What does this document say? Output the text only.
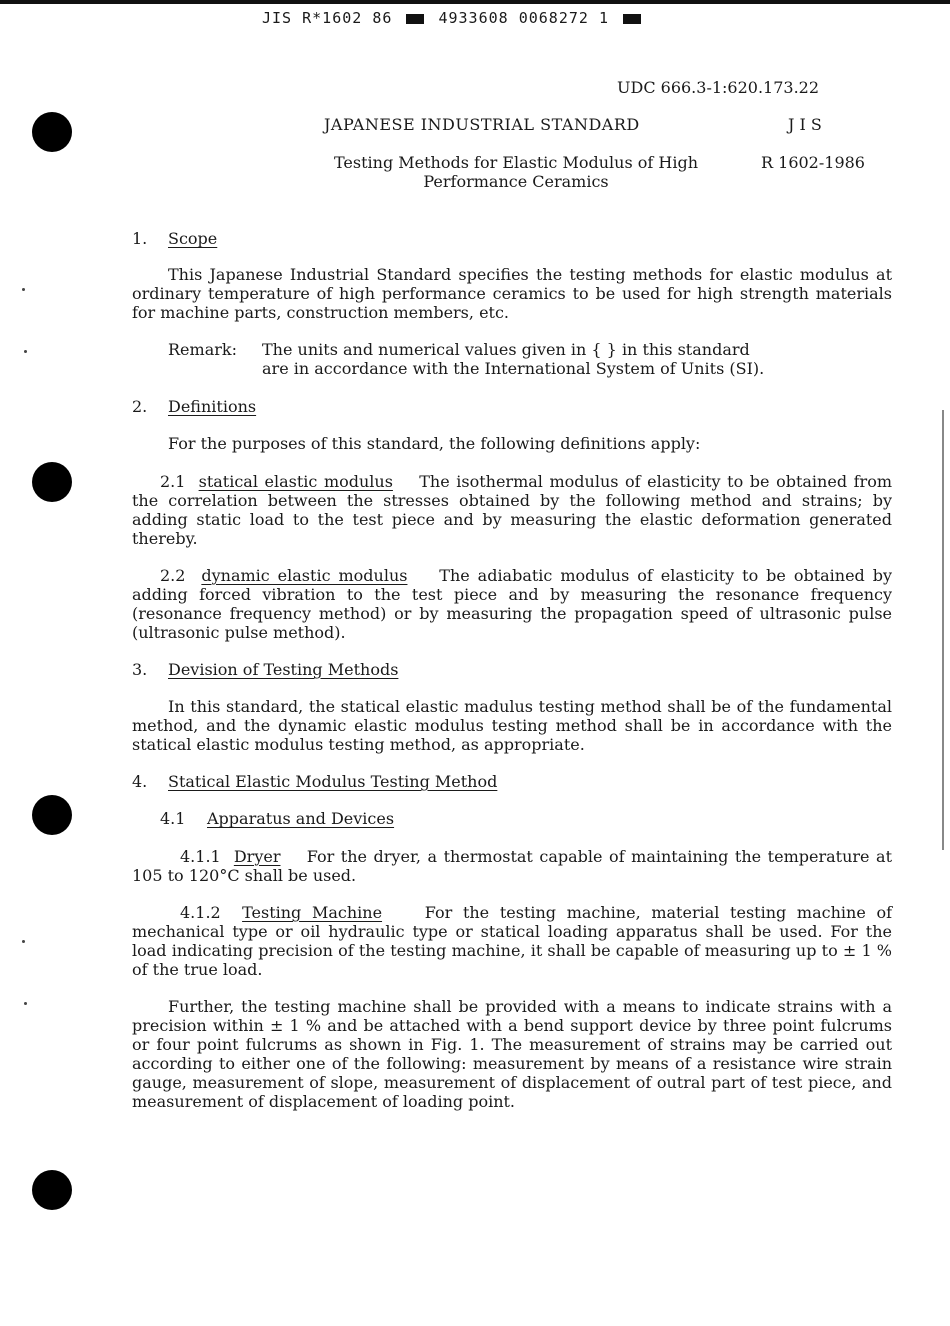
JIS R*1602 86	4933608 0068272 1
UDC 666.3-1:620.173.22
JAPANESE INDUSTRIAL STANDARD	J I S
Testing Methods for Elastic Modulus of High
Performance Ceramics
R 1602-1986
1. Scope

This Japanese Industrial Standard specifies the testing methods for elastic modulus at ordinary temperature of high performance ceramics to be used for high strength materials for machine parts, construction members, etc.

Remark: The units and numerical values given in { } in this standard
are in accordance with the International System of Units (SI).
2. Definitions

For the purposes of this standard, the following definitions apply:

2.1 statical elastic modulus The isothermal modulus of elasticity to be obtained from the correlation between the stresses obtained by the following method and strains; by adding static load to the test piece and by measuring the elastic deformation generated thereby.

2.2 dynamic elastic modulus The adiabatic modulus of elasticity to be obtained by adding forced vibration to the test piece and by measuring the resonance frequency (resonance frequency method) or by measuring the propagation speed of ultrasonic pulse (ultrasonic pulse method).

3. Devision of Testing Methods

In this standard, the statical elastic madulus testing method shall be of the fundamental method, and the dynamic elastic modulus testing method shall be in accordance with the statical elastic modulus testing method, as appropriate.

4. Statical Elastic Modulus Testing Method
4.1 Apparatus and Devices

4.1.1 Dryer For the dryer, a thermostat capable of maintaining the temperature at 105 to 120°C shall be used.

4.1.2 Testing Machine	For the testing machine, material testing machine of mechanical type or oil hydraulic type or statical loading apparatus shall be used. For the load indicating precision of the testing machine, it shall be capable of measuring up to ± 1 % of the true load.

Further, the testing machine shall be provided with a means to indicate strains with a precision within ± 1 % and be attached with a bend support device by three point fulcrums or four point fulcrums as shown in Fig. 1. The measurement of strains may be carried out according to either one of the following: measurement by means of a resistance wire strain gauge, measurement of slope, measurement of displacement of outral part of test piece, and measurement of displacement of loading point.
